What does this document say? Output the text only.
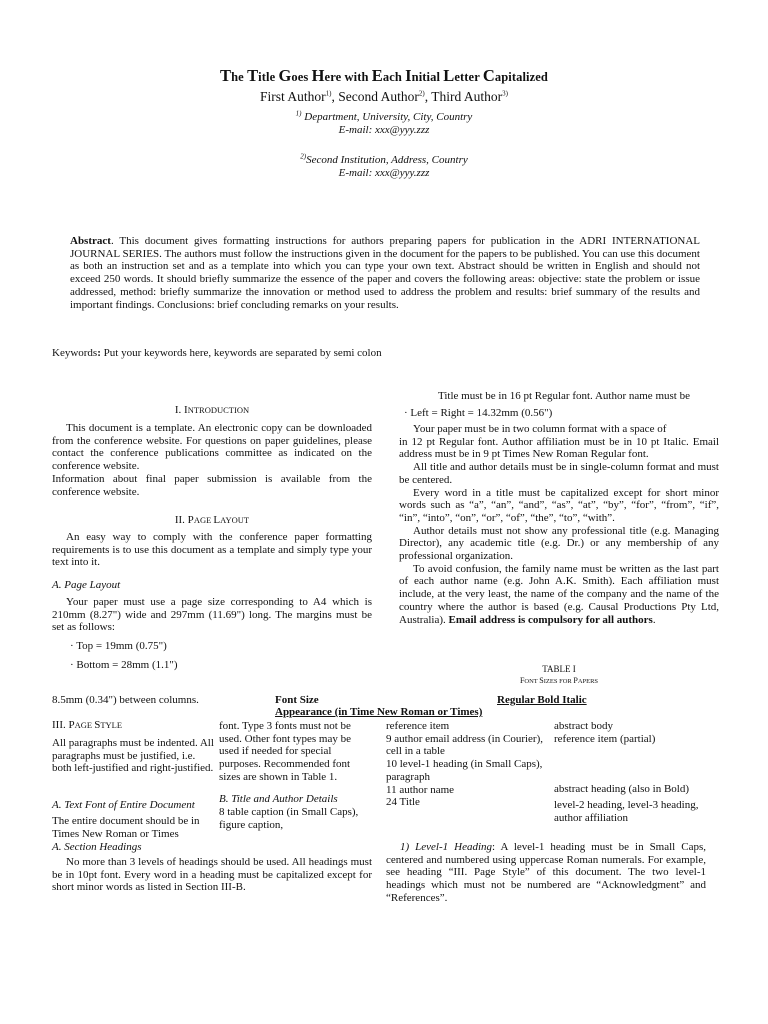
The Title Goes Here with Each Initial Letter Capitalized
First Author$^{1)}$, Second Author$^{2)}$, Third Author$^{3)}$
$^{1)}$ Department, University, City, Country
E-mail: xxx@yyy.zzz
$^{2)}$Second Institution, Address, Country
E-mail: xxx@yyy.zzz
Abstract. This document gives formatting instructions for authors preparing papers for publication in the ADRI INTERNATIONAL JOURNAL SERIES. The authors must follow the instructions given in the document for the papers to be published. You can use this document as both an instruction set and as a template into which you can type your own text. Abstract should be written in English and should not exceed 250 words. It should briefly summarize the essence of the paper and covers the following areas: objective: state the problem or issue addressed, method: briefly summarize the innovation or method used to address the problem and results: brief summary of the results and important findings. Conclusions: brief concluding remarks on your results.
Keywords: Put your keywords here, keywords are separated by semi colon
I. INTRODUCTION

This document is a template. An electronic copy can be downloaded from the conference website. For questions on paper guidelines, please contact the conference publications committee as indicated on the conference website.

Information about final paper submission is available from the conference website.

II. PAGE LAYOUT

An easy way to comply with the conference paper formatting requirements is to use this document as a template and simply type your text into it.

A. Page Layout

Your paper must use a page size corresponding to A4 which is 210mm (8.27") wide and 297mm (11.69") long. The margins must be set as follows:

· Top = 19mm (0.75")
· Bottom = 28mm (1.1")
8.5mm (0.34") between columns.
Title must be in 16 pt Regular font. Author name must be
· Left = Right = 14.32mm (0.56")

Your paper must be in two column format with a space of

in 12 pt Regular font. Author affiliation must be in 10 pt Italic. Email address must be in 9 pt Times New Roman Regular font.

All title and author details must be in single-column format and must be centered.

Every word in a title must be capitalized except for short minor words such as “a”, “an”, “and”, “as”, “at”, “by”, “for”, “from”, “if”, “in”, “into”, “on”, “or”, “of”, “the”, “to”, “with”.

Author details must not show any professional title (e.g. Managing Director), any academic title (e.g. Dr.) or any membership of any professional organization.

To avoid confusion, the family name must be written as the last part of each author name (e.g. John A.K. Smith). Each affiliation must include, at the very least, the name of the company and the name of the country where the author is based (e.g. Causal Productions Pty Ltd, Australia). Email address is compulsory for all authors.

TABLE I
FONT SIZES FOR PAPERS
Font Size	Regular Bold Italic
Appearance (in Time New Roman or Times)
reference item
9 author email address (in Courier),
cell in a table
10 level-1 heading (in Small Caps),
paragraph
11 author name
24 Title
abstract body
reference item (partial)
abstract heading (also in Bold)
level-2 heading, level-3 heading, author affiliation
III. PAGE STYLE
All paragraphs must be indented. All paragraphs must be justified, i.e. both left-justified and right-justified.
A. Text Font of Entire Document
The entire document should be in Times New Roman or Times
A. Section Headings

No more than 3 levels of headings should be used. All headings must be in 10pt font. Every word in a heading must be capitalized except for short minor words as listed in Section III-B.

font. Type 3 fonts must not be used. Other font types may be used if needed for special purposes. Recommended font sizes are shown in Table 1.
B. Title and Author Details
8 table caption (in Small Caps), figure caption,

1) Level-1 Heading: A level-1 heading must be in Small Caps, centered and numbered using uppercase Roman numerals. For example, see heading “III. Page Style” of this document. The two level-1 headings which must not be numbered are “Acknowledgment” and “References”.
